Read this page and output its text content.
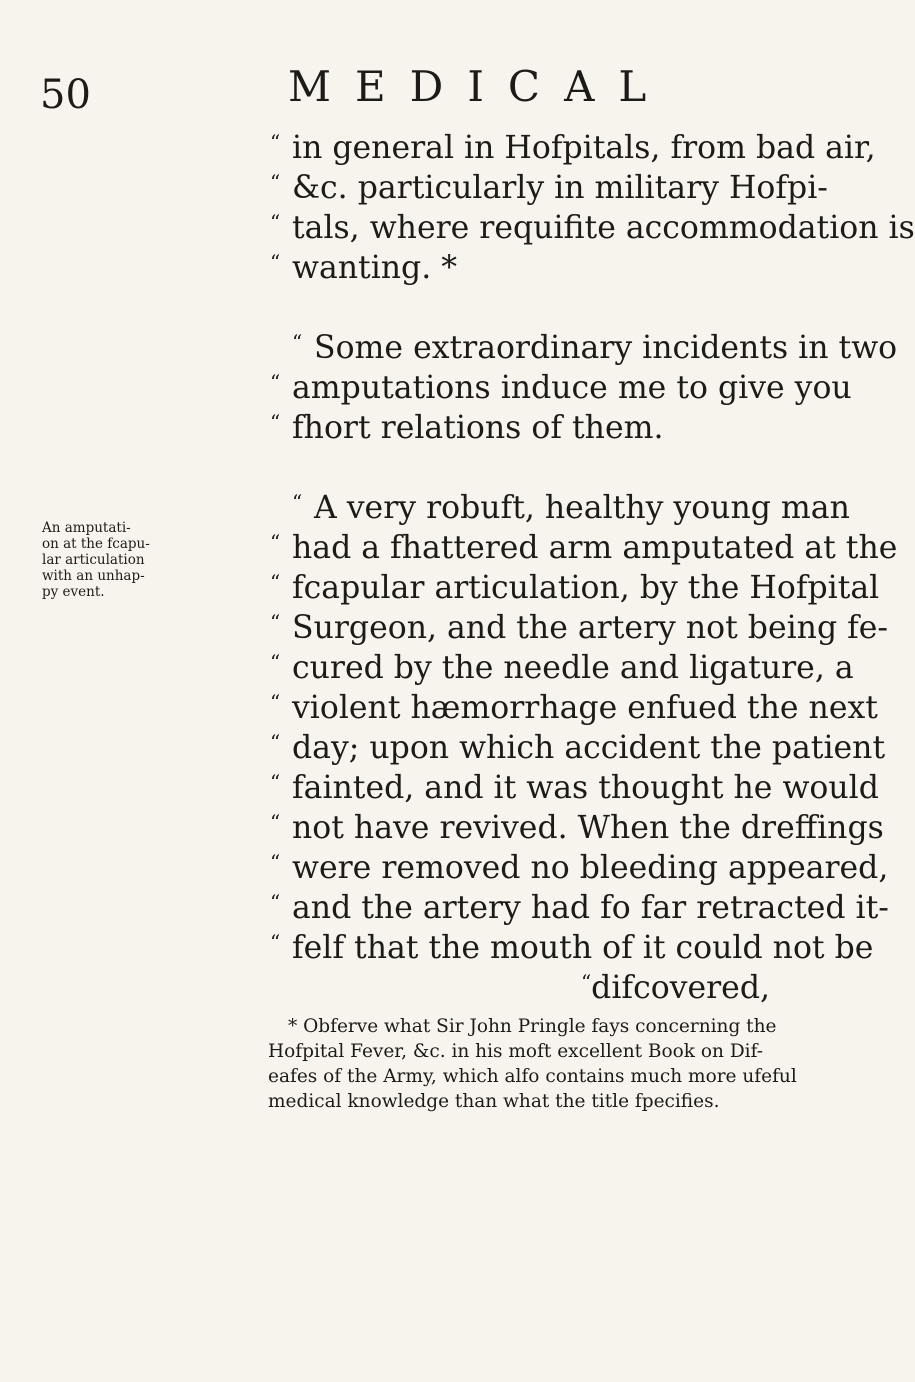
50	MEDICAL
An amputati-
on at the fcapu-
lar articulation
with an unhap-
py event.
“ in general in Hofpitals, from bad air,
“ &c. particularly in military Hofpi-
“ tals, where requifite accommodation is
“ wanting. *
“ Some extraordinary incidents in two
“ amputations induce me to give you
“ fhort relations of them.
“ A very robuft, healthy young man
“ had a fhattered arm amputated at the
“ fcapular articulation, by the Hofpital
“ Surgeon, and the artery not being fe-
“ cured by the needle and ligature, a
“ violent hæmorrhage enfued the next
“ day; upon which accident the patient
“ fainted, and it was thought he would
“ not have revived. When the dreffings
“ were removed no bleeding appeared,
“ and the artery had fo far retracted it-
“ felf that the mouth of it could not be
“difcovered,
* Obferve what Sir John Pringle fays concerning the
Hofpital Fever, &c. in his moft excellent Book on Dif-
eafes of the Army, which alfo contains much more ufeful
medical knowledge than what the title fpecifies.
